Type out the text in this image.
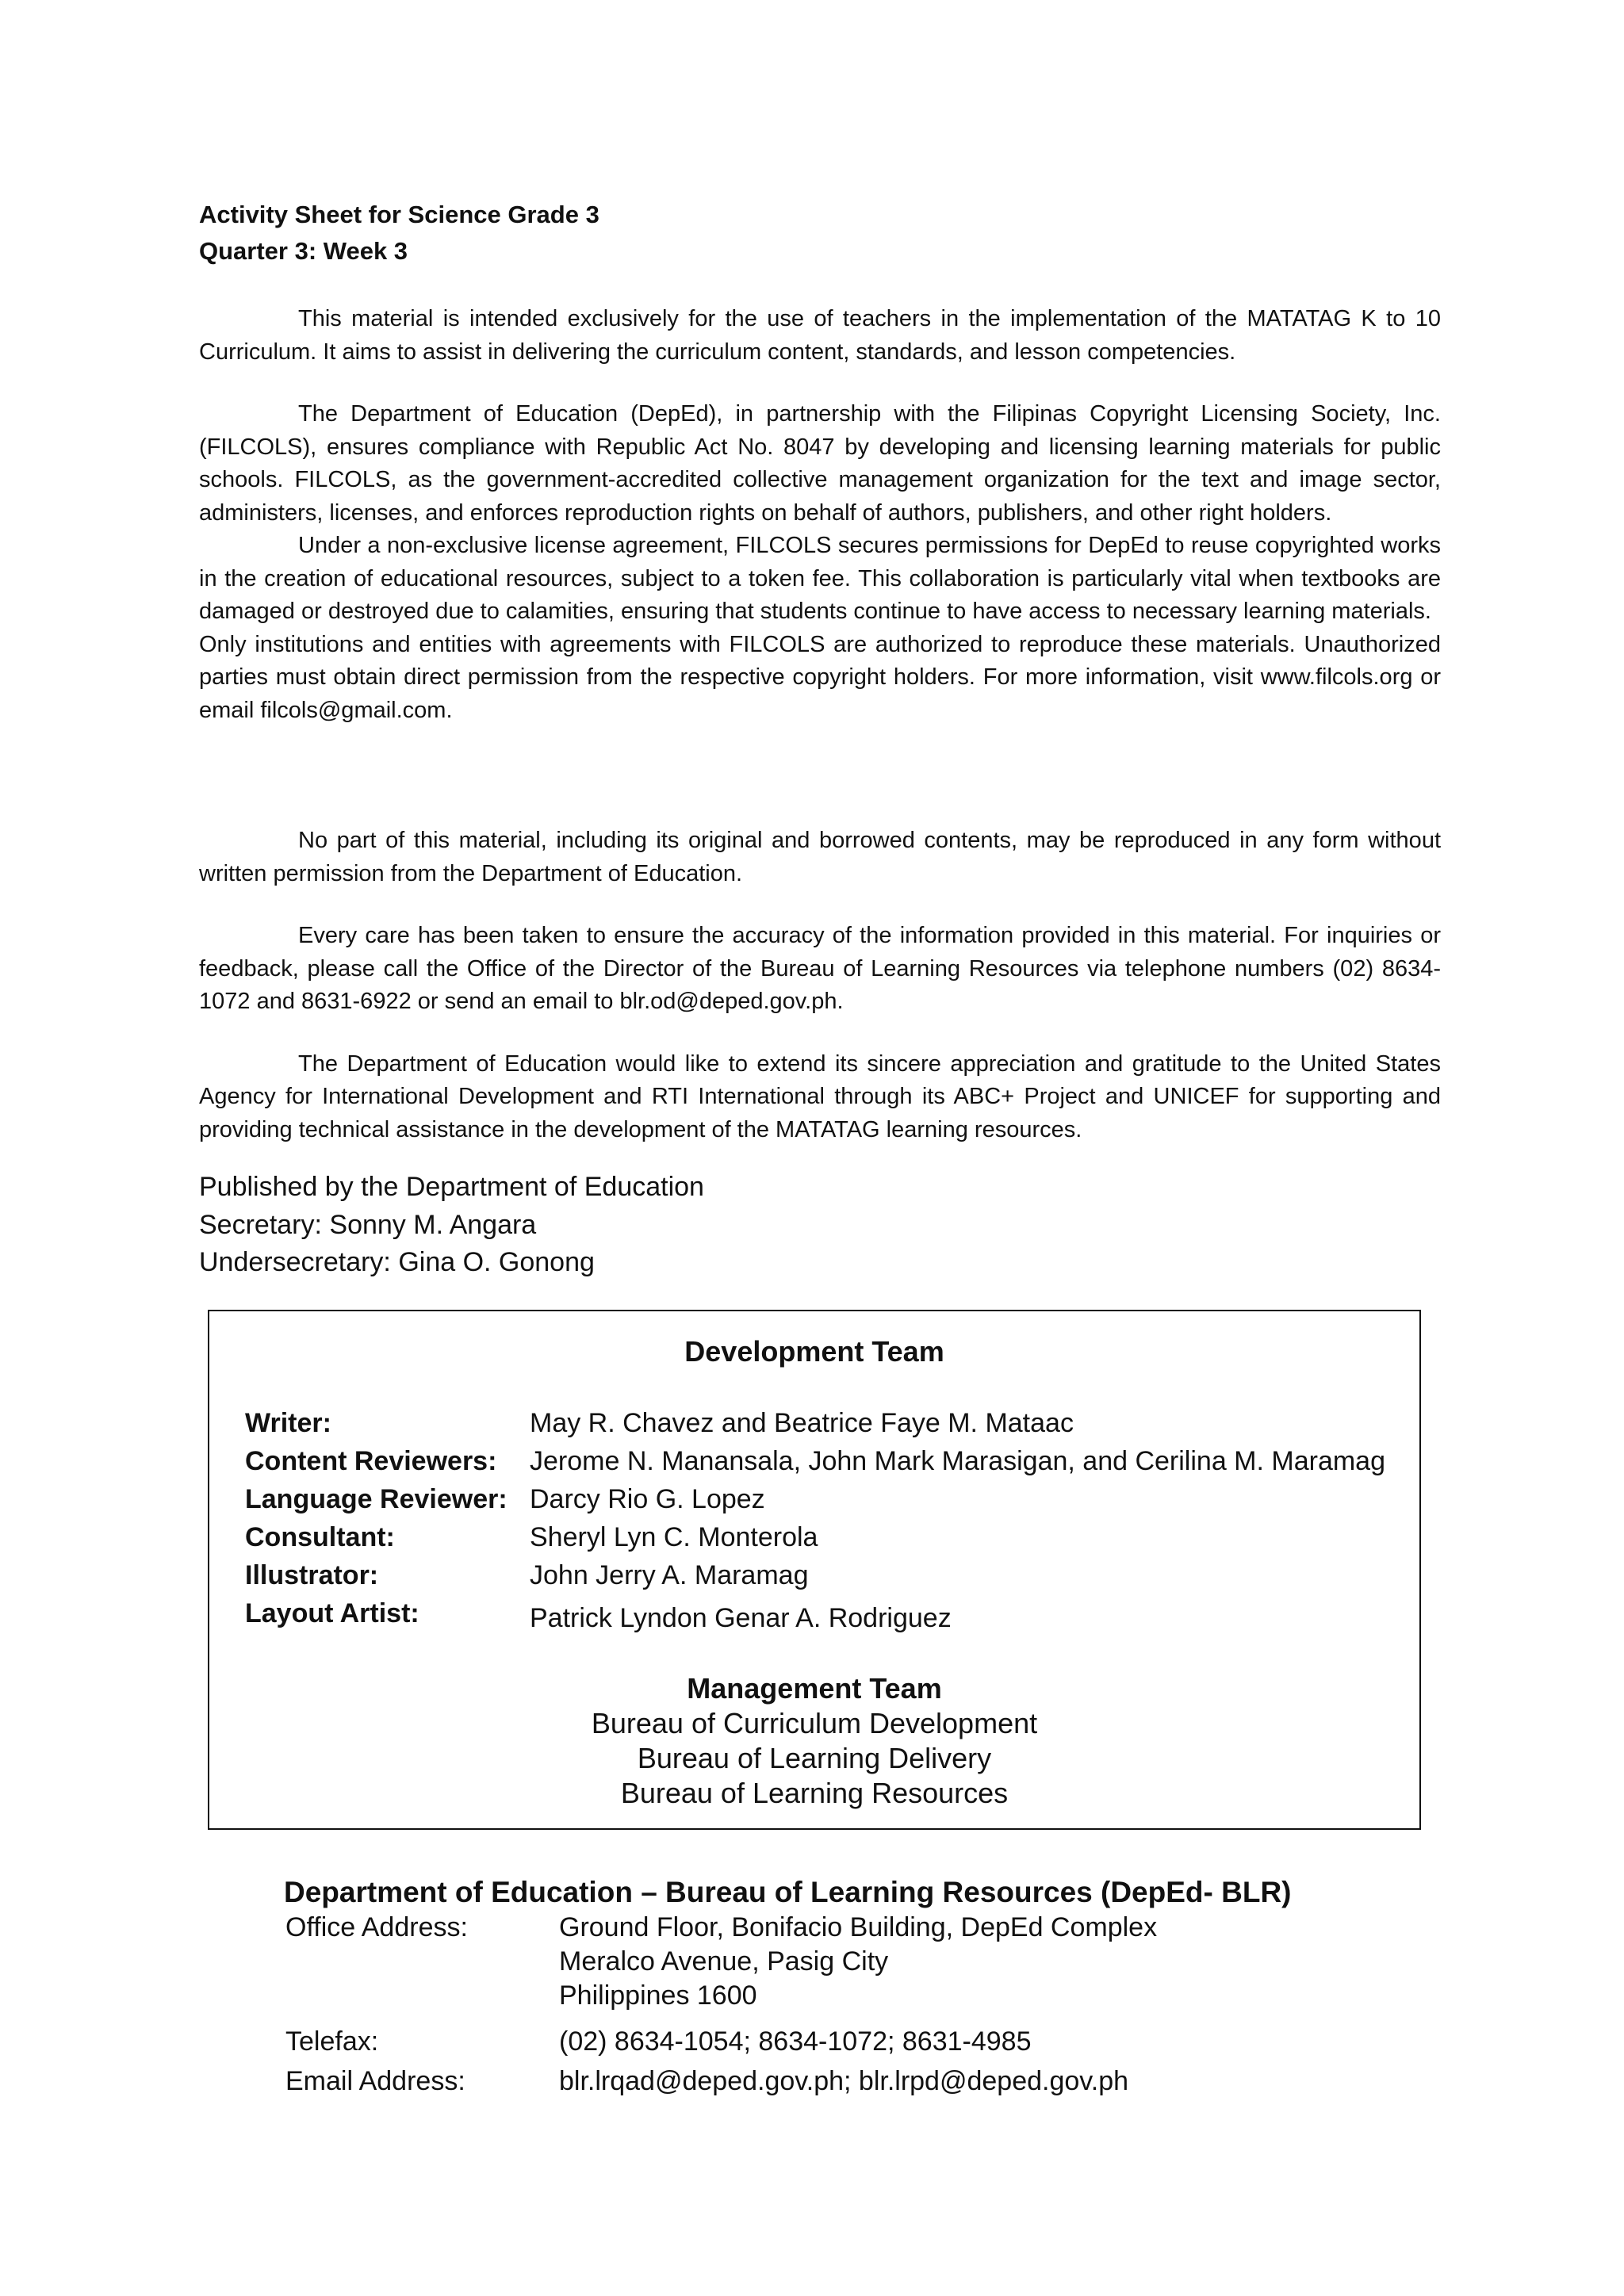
Activity Sheet for Science Grade 3
Quarter 3: Week 3

This material is intended exclusively for the use of teachers in the implementation of the MATATAG K to 10 Curriculum. It aims to assist in delivering the curriculum content, standards, and lesson competencies.

The Department of Education (DepEd), in partnership with the Filipinas Copyright Licensing Society, Inc. (FILCOLS), ensures compliance with Republic Act No. 8047 by developing and licensing learning materials for public schools. FILCOLS, as the government-accredited collective management organization for the text and image sector, administers, licenses, and enforces reproduction rights on behalf of authors, publishers, and other right holders.

Under a non-exclusive license agreement, FILCOLS secures permissions for DepEd to reuse copyrighted works in the creation of educational resources, subject to a token fee. This collaboration is particularly vital when textbooks are damaged or destroyed due to calamities, ensuring that students continue to have access to necessary learning materials.

Only institutions and entities with agreements with FILCOLS are authorized to reproduce these materials. Unauthorized parties must obtain direct permission from the respective copyright holders. For more information, visit www.filcols.org or email filcols@gmail.com.

No part of this material, including its original and borrowed contents, may be reproduced in any form without written permission from the Department of Education.

Every care has been taken to ensure the accuracy of the information provided in this material. For inquiries or feedback, please call the Office of the Director of the Bureau of Learning Resources via telephone numbers (02) 8634-1072 and 8631-6922 or send an email to blr.od@deped.gov.ph.

The Department of Education would like to extend its sincere appreciation and gratitude to the United States Agency for International Development and RTI International through its ABC+ Project and UNICEF for supporting and providing technical assistance in the development of the MATATAG learning resources.

Published by the Department of Education
Secretary: Sonny M. Angara
Undersecretary: Gina O. Gonong
Development Team
Writer:	May R. Chavez and Beatrice Faye M. Mataac
Content Reviewers: Jerome N. Manansala, John Mark Marasigan, and Cerilina M. Maramag
Language Reviewer: Darcy Rio G. Lopez
Consultant:	Sheryl Lyn C. Monterola
Illustrator:	John Jerry A. Maramag
Layout Artist:	Patrick Lyndon Genar A. Rodriguez
Management Team
Bureau of Curriculum Development
Bureau of Learning Delivery
Bureau of Learning Resources
Department of Education – Bureau of Learning Resources (DepEd- BLR)
Office Address:	Ground Floor, Bonifacio Building, DepEd Complex
Meralco Avenue, Pasig City
Philippines 1600
Telefax:	(02) 8634-1054; 8634-1072; 8631-4985
Email Address:	blr.lrqad@deped.gov.ph; blr.lrpd@deped.gov.ph
